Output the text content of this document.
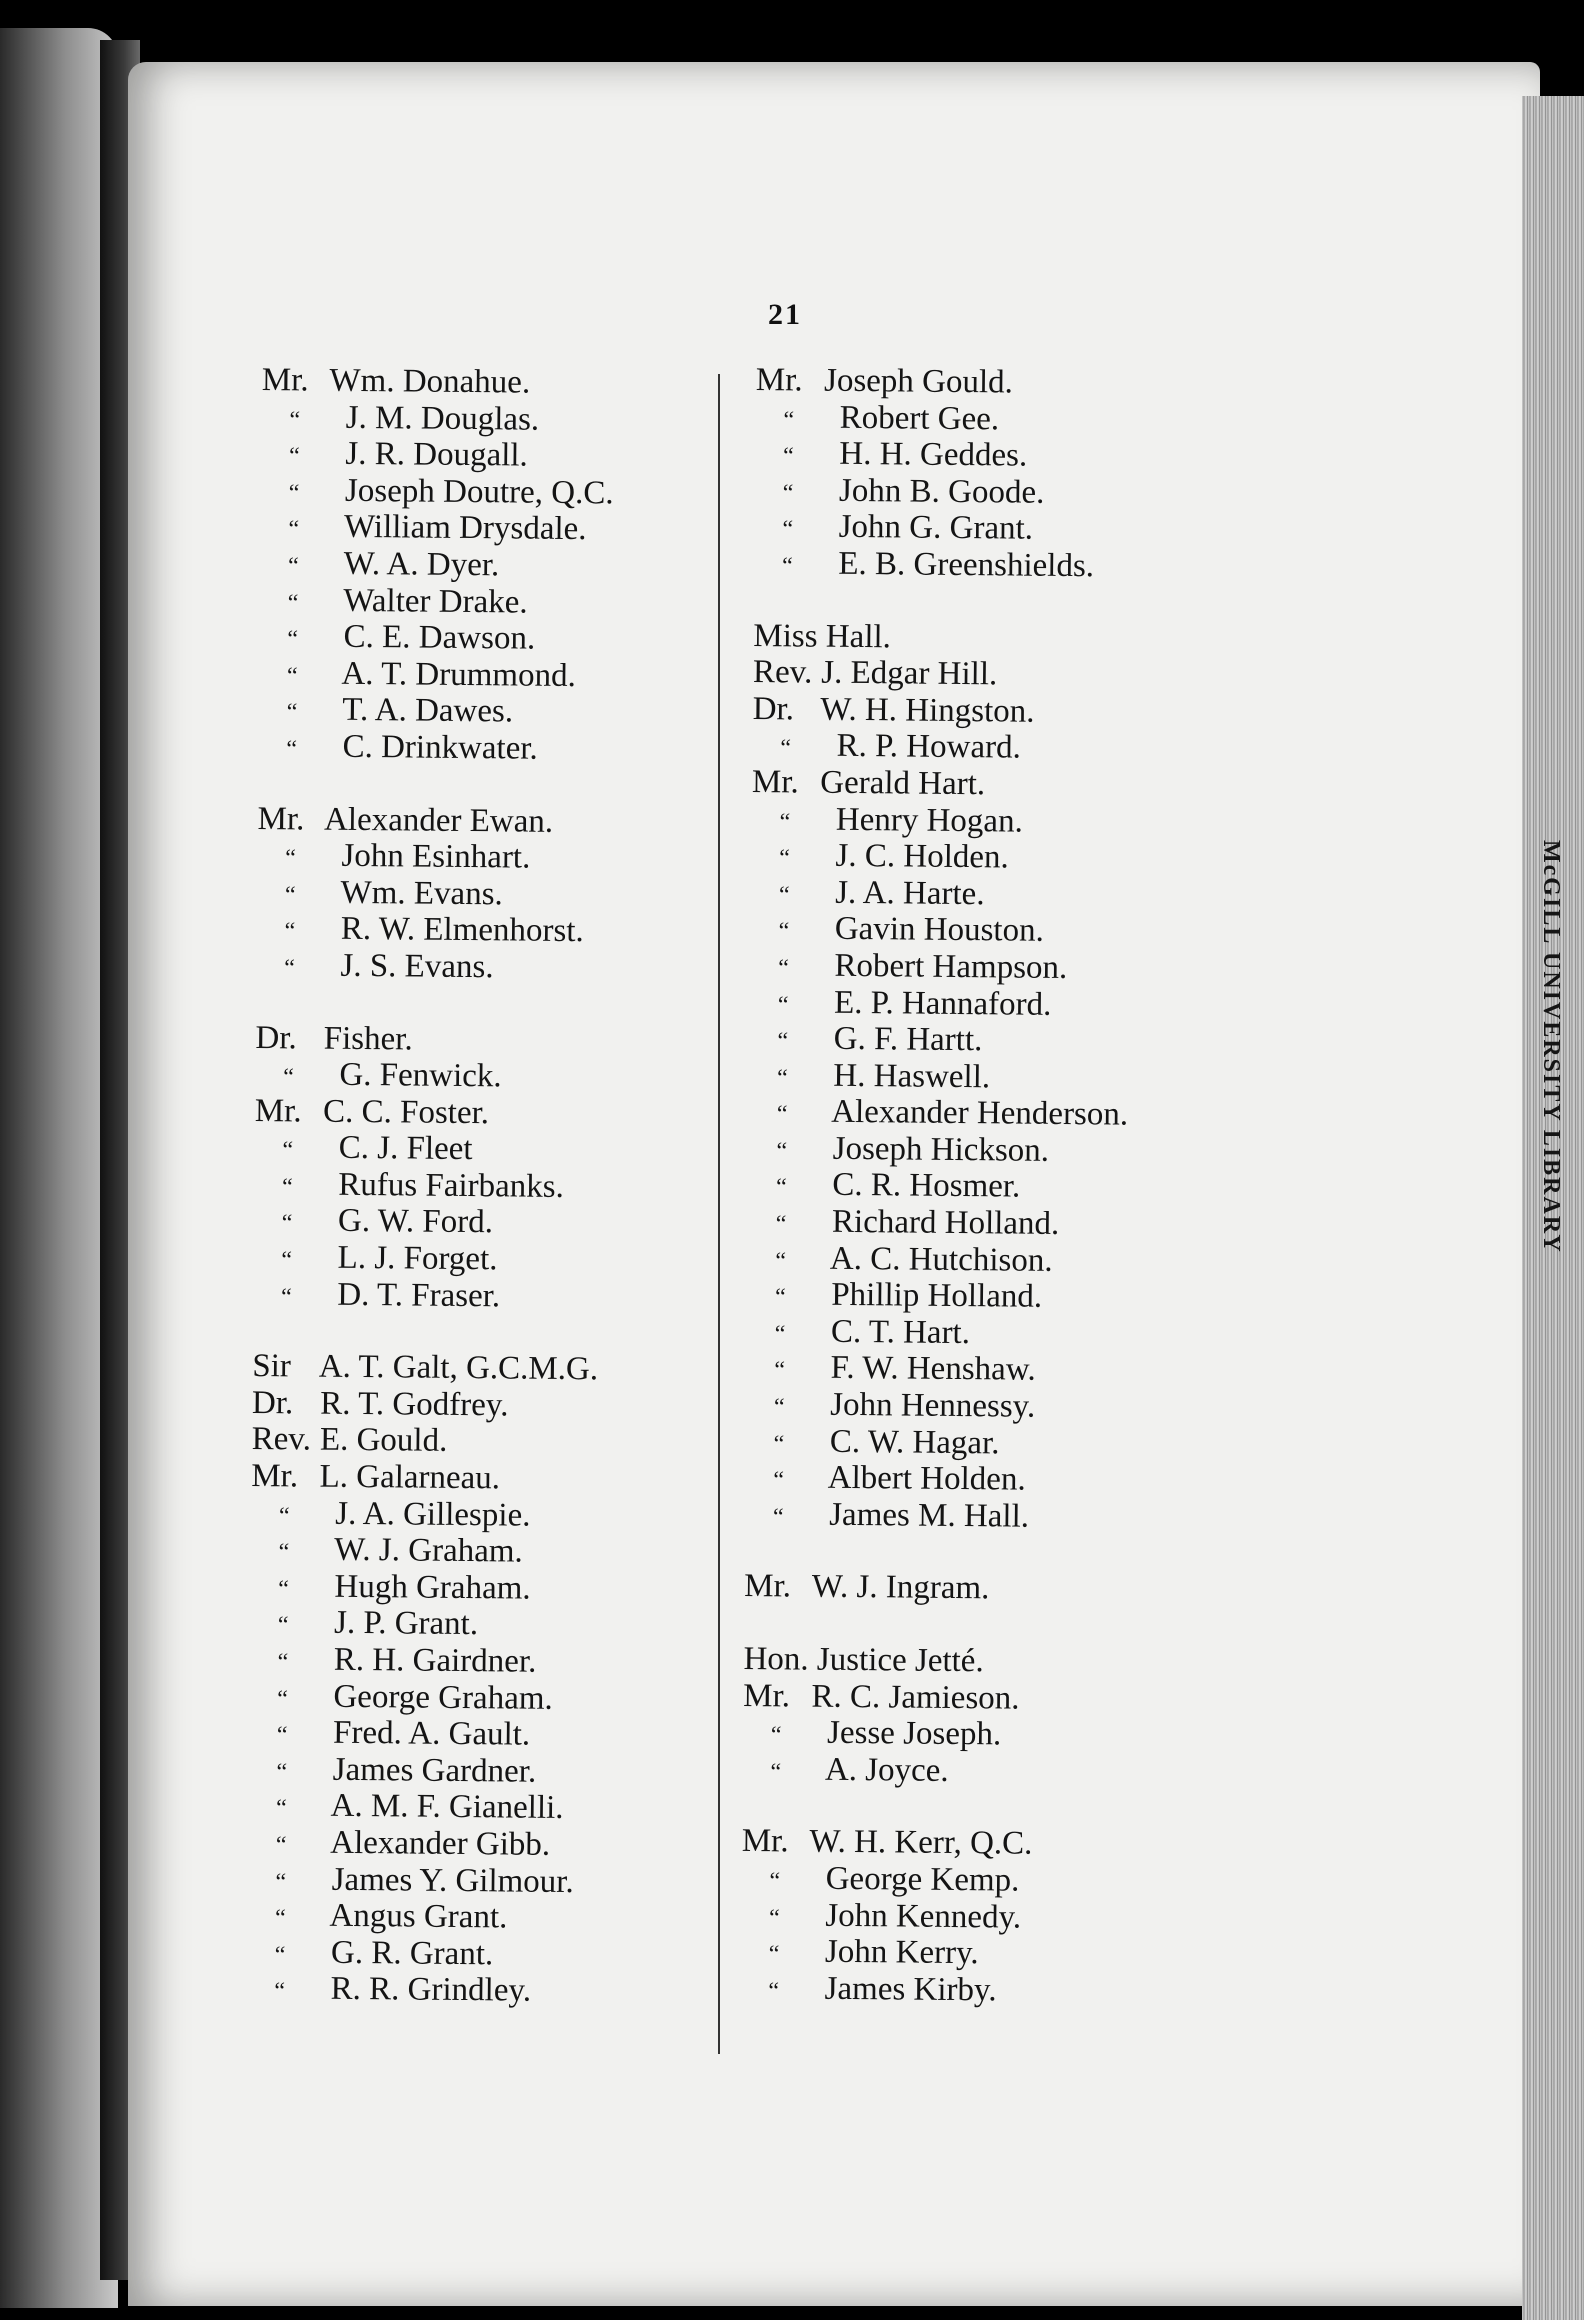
McGILL UNIVERSITY LIBRARY
21
Mr. Wm. Donahue.
“ J. M. Douglas.
“ J. R. Dougall.
“ Joseph Doutre, Q.C.
“ William Drysdale.
“ W. A. Dyer.
“ Walter Drake.
“ C. E. Dawson.
“ A. T. Drummond.
“ T. A. Dawes.
“ C. Drinkwater.
Mr. Alexander Ewan.
“ John Esinhart.
“ Wm. Evans.
“ R. W. Elmenhorst.
“ J. S. Evans.
Dr. Fisher.
“ G. Fenwick.
Mr. C. C. Foster.
“ C. J. Fleet
“ Rufus Fairbanks.
“ G. W. Ford.
“ L. J. Forget.
“ D. T. Fraser.
Sir A. T. Galt, G.C.M.G.
Dr. R. T. Godfrey.
Rev. E. Gould.
Mr. L. Galarneau.
“ J. A. Gillespie.
“ W. J. Graham.
“ Hugh Graham.
“ J. P. Grant.
“ R. H. Gairdner.
“ George Graham.
“ Fred. A. Gault.
“ James Gardner.
“ A. M. F. Gianelli.
“ Alexander Gibb.
“ James Y. Gilmour.
“ Angus Grant.
“ G. R. Grant.
“ R. R. Grindley.
Mr. Joseph Gould.
“ Robert Gee.
“ H. H. Geddes.
“ John B. Goode.
“ John G. Grant.
“ E. B. Greenshields.
Miss Hall.
Rev. J. Edgar Hill.
Dr. W. H. Hingston.
“ R. P. Howard.
Mr. Gerald Hart.
“ Henry Hogan.
“ J. C. Holden.
“ J. A. Harte.
“ Gavin Houston.
“ Robert Hampson.
“ E. P. Hannaford.
“ G. F. Hartt.
“ H. Haswell.
“ Alexander Henderson.
“ Joseph Hickson.
“ C. R. Hosmer.
“ Richard Holland.
“ A. C. Hutchison.
“ Phillip Holland.
“ C. T. Hart.
“ F. W. Henshaw.
“ John Hennessy.
“ C. W. Hagar.
“ Albert Holden.
“ James M. Hall.
Mr. W. J. Ingram.
Hon. Justice Jetté.
Mr. R. C. Jamieson.
“ Jesse Joseph.
“ A. Joyce.
Mr. W. H. Kerr, Q.C.
“ George Kemp.
“ John Kennedy.
“ John Kerry.
“ James Kirby.
